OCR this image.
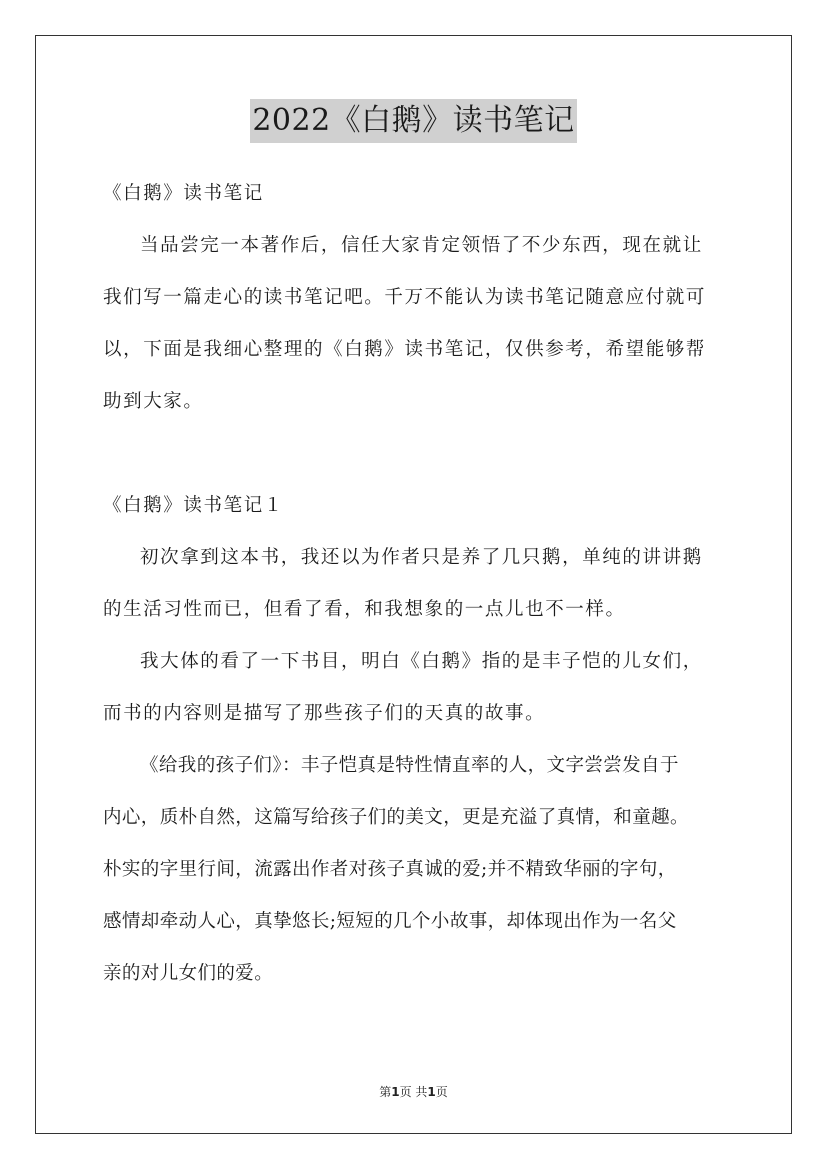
2022《白鹅》读书笔记
《白鹅》读书笔记
当品尝完一本著作后，信任大家肯定领悟了不少东西，现在就让
我们写一篇走心的读书笔记吧。千万不能认为读书笔记随意应付就可
以，下面是我细心整理的《白鹅》读书笔记，仅供参考，希望能够帮
助到大家。
《白鹅》读书笔记１
初次拿到这本书，我还以为作者只是养了几只鹅，单纯的讲讲鹅
的生活习性而已，但看了看，和我想象的一点儿也不一样。
我大体的看了一下书目，明白《白鹅》指的是丰子恺的儿女们，
而书的内容则是描写了那些孩子们的天真的故事。
《给我的孩子们》：丰子恺真是特性情直率的人，文字尝尝发自于
内心，质朴自然，这篇写给孩子们的美文，更是充溢了真情，和童趣。
朴实的字里行间，流露出作者对孩子真诚的爱;并不精致华丽的字句，
感情却牵动人心，真挚悠长;短短的几个小故事，却体现出作为一名父
亲的对儿女们的爱。
第1页 共1页
